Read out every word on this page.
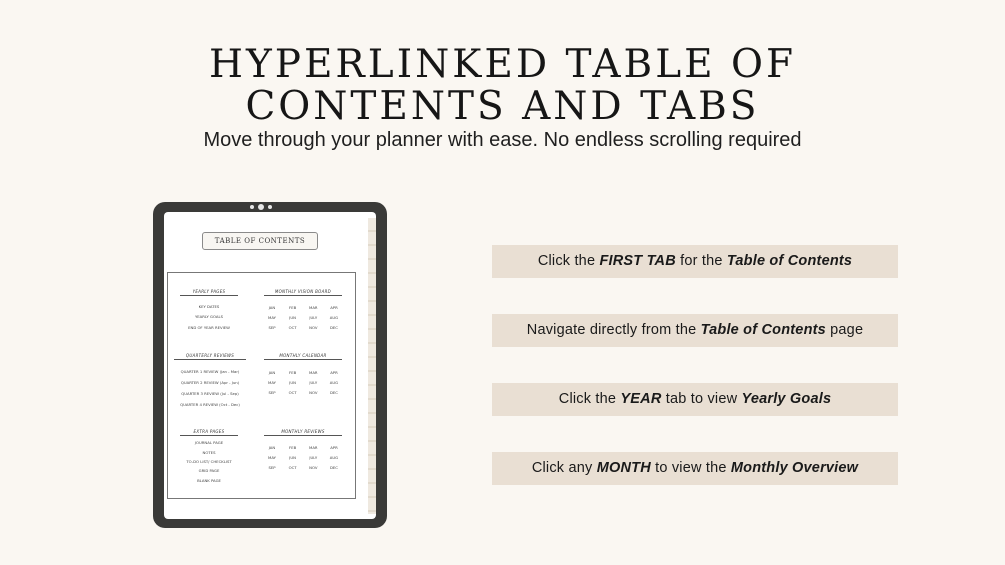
HYPERLINKED TABLE OF
CONTENTS AND TABS
Move through your planner with ease. No endless scrolling required
TABLE OF CONTENTS
YEARLY PAGES
KEY DATES
YEARLY GOALS
END OF YEAR REVIEW
QUARTERLY REVIEWS
QUARTER 1 REVIEW (Jan - Mar)
QUARTER 2 REVIEW (Apr - Jun)
QUARTER 3 REVIEW (Jul - Sep)
QUARTER 4 REVIEW (Oct - Dec)
EXTRA PAGES
JOURNAL PAGE
NOTES
TO-DO LIST/ CHECKLIST
GRID PAGE
BLANK PAGE
MONTHLY VISION BOARD
JAN	FEB	MAR	APR
MAY	JUN	JULY	AUG
SEP	OCT	NOV	DEC
MONTHLY CALENDAR
JAN	FEB	MAR	APR
MAY	JUN	JULY	AUG
SEP	OCT	NOV	DEC
MONTHLY REVIEWS
JAN	FEB	MAR	APR
MAY	JUN	JULY	AUG
SEP	OCT	NOV	DEC
Click the FIRST TAB for the Table of Contents
Navigate directly from the Table of Contents page
Click the YEAR tab to view Yearly Goals
Click any MONTH to view the Monthly Overview
